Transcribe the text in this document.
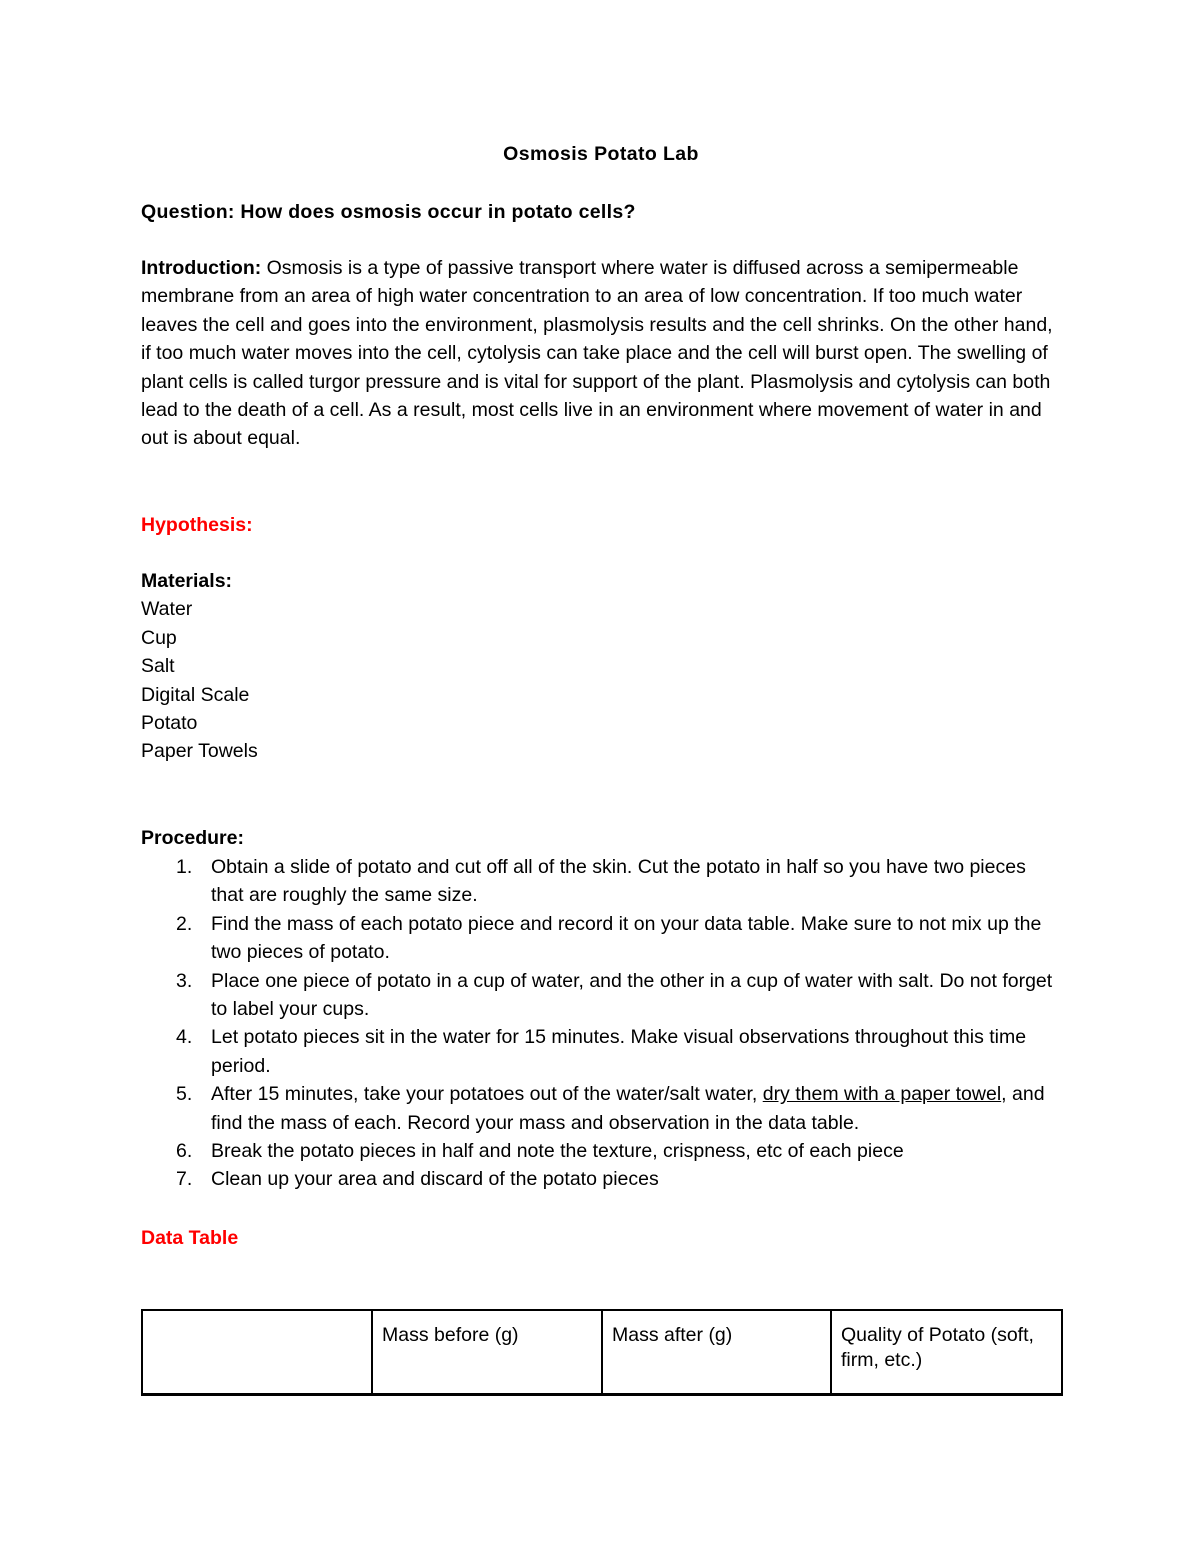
Osmosis Potato Lab
Question: How does osmosis occur in potato cells?
Introduction: Osmosis is a type of passive transport where water is diffused across a semipermeable membrane from an area of high water concentration to an area of low concentration. If too much water leaves the cell and goes into the environment, plasmolysis results and the cell shrinks. On the other hand, if too much water moves into the cell, cytolysis can take place and the cell will burst open. The swelling of plant cells is called turgor pressure and is vital for support of the plant. Plasmolysis and cytolysis can both lead to the death of a cell. As a result, most cells live in an environment where movement of water in and out is about equal.
Hypothesis:
Materials:
Water
Cup
Salt
Digital Scale
Potato
Paper Towels
Procedure:
1. Obtain a slide of potato and cut off all of the skin. Cut the potato in half so you have two pieces that are roughly the same size.
2. Find the mass of each potato piece and record it on your data table. Make sure to not mix up the two pieces of potato.
3. Place one piece of potato in a cup of water, and the other in a cup of water with salt. Do not forget to label your cups.
4. Let potato pieces sit in the water for 15 minutes. Make visual observations throughout this time period.
5. After 15 minutes, take your potatoes out of the water/salt water, dry them with a paper towel, and find the mass of each. Record your mass and observation in the data table.
6. Break the potato pieces in half and note the texture, crispness, etc of each piece
7. Clean up your area and discard of the potato pieces
Data Table
	Mass before (g)	Mass after (g)	Quality of Potato (soft, firm, etc.)
